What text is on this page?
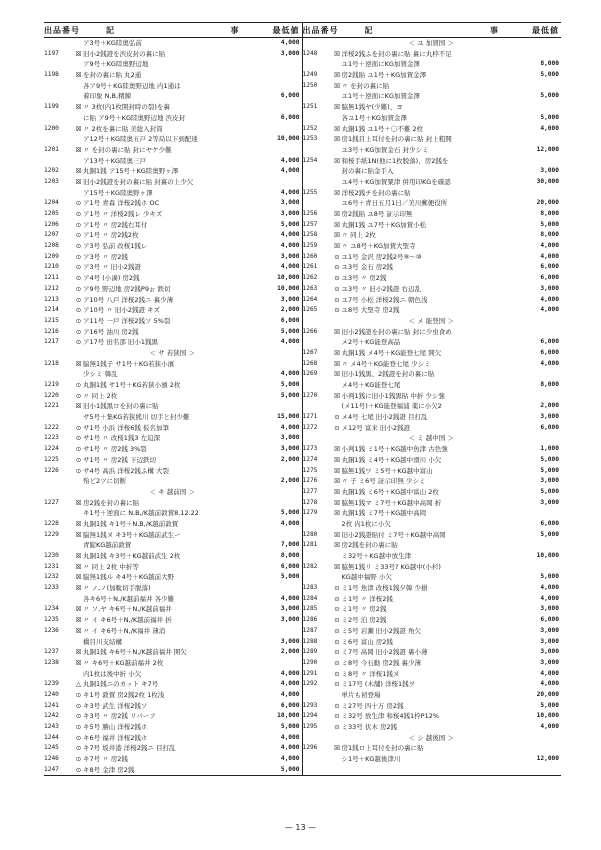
出品番号	記	事	最低値
ア3号＋KG陸奥弘前	4,000
1197	☒ 旧小2銭證を渋皮封の裏に貼	3,000
ア9号＋KG陸奥野辺地
1198	☒ を封の裏に貼 丸2通
各ア9号＋KG陸奥野辺地 内1通は
着印象 N,B,精錬	6,000
1199	☒ 〃 3枚(内1枚開封時の裂)を裏
に貼 ア9号＋KG陸奥野辺地 渋皮封	6,000
1200	☒ 〃 2枚を裏に貼 美総入封筒
ア12号＋KG陸奥五戸 2等局以下到配達	10,000
1201	☒ 〃 を封の裏に貼 封にヤケ少難
ア13号＋KG陸奥三戸	4,000
1202	☒ 丸銅1銭 ア15号＋KG陸奥野ヶ澤	4,000
1203	☒ 旧小2銭證を封の裏に貼 封裏の上少欠
ア15号＋KG陸奥野ヶ澤	4,000
1204	⊙ ア1号 青森 洋桜2銭ホ OC	3,000
1205	⊙ ア1号 〃 洋桜2銭レ 少キズ	3,000
1206	⊙ ア1号 〃 房2銭右耳付	5,000
1207	⊙ ア1号 〃 房2銭2枚	4,000
1208	⊙ ア3号 弘前 改桜1銭レ	4,000
1209	⊙ ア3号 〃 房2銭	3,000
1210	⊙ ア3号 〃 旧小2銭證	4,000
1211	⊙ ア4号 (小湊) 房2銭	10,000
1212	⊙ ア9号 野辺地 房2銭P9ぉ 鉄切	10,000
1213	⊙ ア10号 八戸 洋桜2銭ニ 裏少薄	3,000
1214	⊙ ア10号 〃 旧小2銭證 キズ	2,000
1215	⊙ ア11号 一戸 洋桜2銭ソ 5%裂	6,000
1216	⊙ ア16号 油川 房2銭	5,000
1217	⊙ ア17号 田名部 旧小1銭黒	4,000
＜ サ 若狭国 ＞
1218	☒ 脇無1銭子 サ1号＋KG若狭小濱
少シミ 韓乱	4,000
1219	⊙ 丸銅1銭 サ1号＋KG若狭小濱 2枚	5,000
1220	⊙ 〃 同上 2枚	5,000
1221	☒ 旧小1銭黒ロを封の裏に貼
サ5号＋集KG若狭熊川 切手と封少難	15,000
1222	⊙ サ1号 小浜 洋桜6銭 仮名加筆	4,000
1223	⊙ サ1号 〃 改桜1銭3 左迫深	3,000
1224	⊙ サ1号 〃 房2銭 3%裂	3,000
1225	⊙ サ1号 〃 房2銭 下辺鉄切	2,000
1226	⊙ サ4号 高浜 洋桜2銭ふ構 大裂
殆ど2ツに切断	2,000
＜ キ 越前国 ＞
1227	☒ 房2銭を封の裏に貼
キ1号＋逆面に N,B,/K越前敦賀8.12.22	5,000
1228	☒ 丸銅1銭 キ1号＋N,B,/K越前敦賀	4,000
1229	☒ 脇無1銭ヌ キ3号＋KG越前武生ー
青錠KG越前敦賀	7,000
1230	☒ 丸銅1銭 キ3号＋KG越前武生 2枚	8,000
1231	☒ 〃 同上 2枚 中折等	6,000
1232	☒ 脇無1銭ル キ4号＋KG越前大野	5,000
1233	☒ 〃 ノ,ノ(加駄切手脱落)
各キ6号＋N,/K越前福井 各少難	4,000
1234	☒ 〃 ソ,ヤ キ6号＋N,/K越前福井	3,000
1235	☒ 〃 イ キ6号＋N,/K越前福井 折	3,000
1236	☒ 〃 イ キ6号＋N,/K福井 薄消
橋目川支結構	3,000
1237	☒ 丸銅1銭 キ6号＋N,/K越前福井 開欠	2,000
1238	☒ 〃 キ6号＋KG越前福井 2枚
内1枚は後中折 小欠	4,000
1239	△ 丸銅1銭ニのカット キ7号	4,000
1240	⊙ キ1号 敦賀 房2銭2枚 1枚浅	4,000
1241	⊙ キ3号 武生 洋桜2銭ソ	6,000
1242	⊙ キ3号 〃 房2銭 リバーフ	10,000
1243	⊙ キ5号 勝山 洋桜2銭ホ	5,000
1244	⊙ キ6号 福井 洋桜2銭ホ	4,000
1245	⊙ キ7号 坂井港 洋桜2銭ニ 目打乱	4,000
1246	⊙ キ7号 〃 房2銭	4,000
1247	⊙ キ8号 金津 房2銭	5,000
出品番号	記	事	最低値
＜ ユ 加賀国 ＞
1248	☒ 洋桜2銭ふを封の裏に貼 裏に丸枠不足
ユ1号＋逆面にKG加賀金澤	8,000
1249	☒ 房2銭貼 ユ1号＋KG加賀金澤	5,000
1250	☒ 〃 を封の裏に貼
ユ1号＋逆面にKG加賀金澤	5,000
1251	☒ 脇無1銭ヤ(少難)、ヨ
各ユ1号＋KG加賀金澤	5,000
1252	☒ 丸銅1銭 ユ1号＋〇不難 2枚	4,000
1253	☒ 房1銭目上耳付を封の裏に貼 封上粗開
ユ3号＋KG加賀金石 封少シミ	12,000
1254	☒ 和桜手紙1N(他に1枚脱落)、房2銭を
封の裏に貼金手入	3,000
ユ4号＋KG加賀粟津 併用印KGを確認	30,000
1255	☒ 洋桜2銭チを封の裏に貼
ユ6号＋青日五月1日／美川郵便役所	20,000
1256	☒ 房2銭貼 ユ8号 証示印無	8,000
1257	☒ 丸銅1銭 ユ7号＋KG加賀小松	5,000
1258	☒ 〃 同上 2枚	8,000
1259	☒ 〃 ユ8号＋KG加賀大聖寺	4,000
1260	⊙ ユ1号 金沢 房2銭2号⑨〜⑩	4,000
1261	⊙ ユ3号 金石 房2銭	6,000
1262	⊙ ユ3号 〃 房2銭	6,000
1263	⊙ ユ3号 〃 旧小2銭證 右辺乱	3,000
1264	⊙ ユ7号 小松 洋桜2銭ニ 朝色浅	4,000
1265	⊙ ユ8号 大聖寺 房2銭	4,000
＜ メ 能登国 ＞
1266	☒ 旧小2銭證を封の裏に貼 封に少虫食め
メ2号＋KG能登高品	6,000
1267	☒ 丸銅1銭 メ4号＋KG能登七尾 開欠	6,000
1268	☒ 〃 メ4号＋KG能登七尾 少シミ	4,000
1269	☒ 旧小1銭黒、2銭證を封の裏に貼
メ4号＋KG能登七尾	8,000
1270	☒ 小判1銭に旧小1銭黒貼 中折 少シ強
(メ11号)＋KG能登福浦 薬に小欠2	2,000
1271	⊙ メ4号 七尾 旧小2銭證 目打乱	3,000
1272	⊙ メ12号 富来 旧小2銭證	6,000
＜ ミ 越中国 ＞
1273	☒ 小判1銭 ミ1号＋KG越中魚津 古色強	1,000
1274	☒ 丸銅1銭 ミ4号＋KG越中滑川 小欠	5,000
1275	☒ 脇無1銭ワ ミ5号＋KG越中富山	5,000
1276	☒ 〃 子 ミ6号 証示印無 少シミ	3,000
1277	☒ 丸銅1銭 ミ6号＋KG越中富山 2枚	5,000
1278	☒ 脇無1銭マ ミ7号＋KG越中高岡 折	3,000
1279	☒ 丸銅1銭 ミ7号＋KG越中高岡
2枚 内1枚に小欠	6,000
1280	☒ 旧小2銭證貼付 ミ7号＋KG越中高岡	5,000
1281	☒ 房2銭を封の裏に貼
ミ32号＋KG越中放生津	10,000
1282	☒ 脇無1銭リ ミ33号? KG越中(小杉)
KG越中福野 小欠	5,000
1283	⊙ ミ1号 魚津 改桜1銭夕韓 少損	4,000
1284	⊙ ミ1号 〃 洋桜2銭	4,000
1285	⊙ ミ1号 〃 房2銭	3,000
1286	⊙ ミ2号 泊 房2銭	6,000
1287	⊙ ミ5号 岩瀬 旧小2銭證 角欠	3,000
1288	⊙ ミ6号 富山 房2銭	3,000
1289	⊙ ミ7号 高岡 旧小2銭證 裏小薄	3,000
1290	⊙ ミ8号 今石動 房2銭 裏少薄	3,000
1291	⊙ ミ8号 〃 洋桜1銭ヌ	4,000
1292	⊙ ミ17号 (木舗) 洋桜1銭ヲ	4,000
単片も初登場	20,000
1293	⊙ ミ27号 四十万 房2銭	5,000
1294	⊙ ミ32号 放生津 和桜4銭1枠P12%	10,000
1295	⊙ ミ33号 伏木 房2銭	4,000
＜ シ 越後国 ＞
1296	☒ 房1銭ロ上耳付を封の裏に貼
シ1号＋KG越後津川	12,000
— 13 —
